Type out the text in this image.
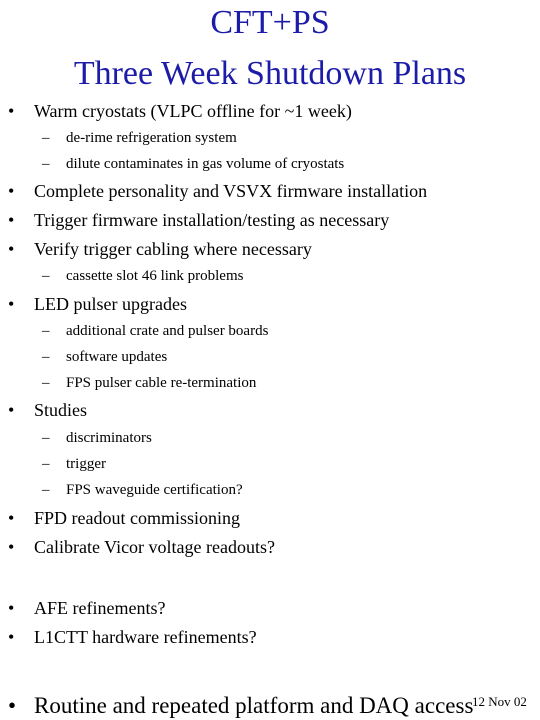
CFT+PS
Three Week Shutdown Plans
• Warm cryostats (VLPC offline for ~1 week)
– de-rime refrigeration system
– dilute contaminates in gas volume of cryostats
• Complete personality and VSVX firmware installation
• Trigger firmware installation/testing as necessary
• Verify trigger cabling where necessary
– cassette slot 46 link problems
• LED pulser upgrades
– additional crate and pulser boards
– software updates
– FPS pulser cable re-termination
• Studies
– discriminators
– trigger
– FPS waveguide certification?
• FPD readout commissioning
• Calibrate Vicor voltage readouts?
• AFE refinements?
• L1CTT hardware refinements?
• Routine and repeated platform and DAQ access
12 Nov 02
